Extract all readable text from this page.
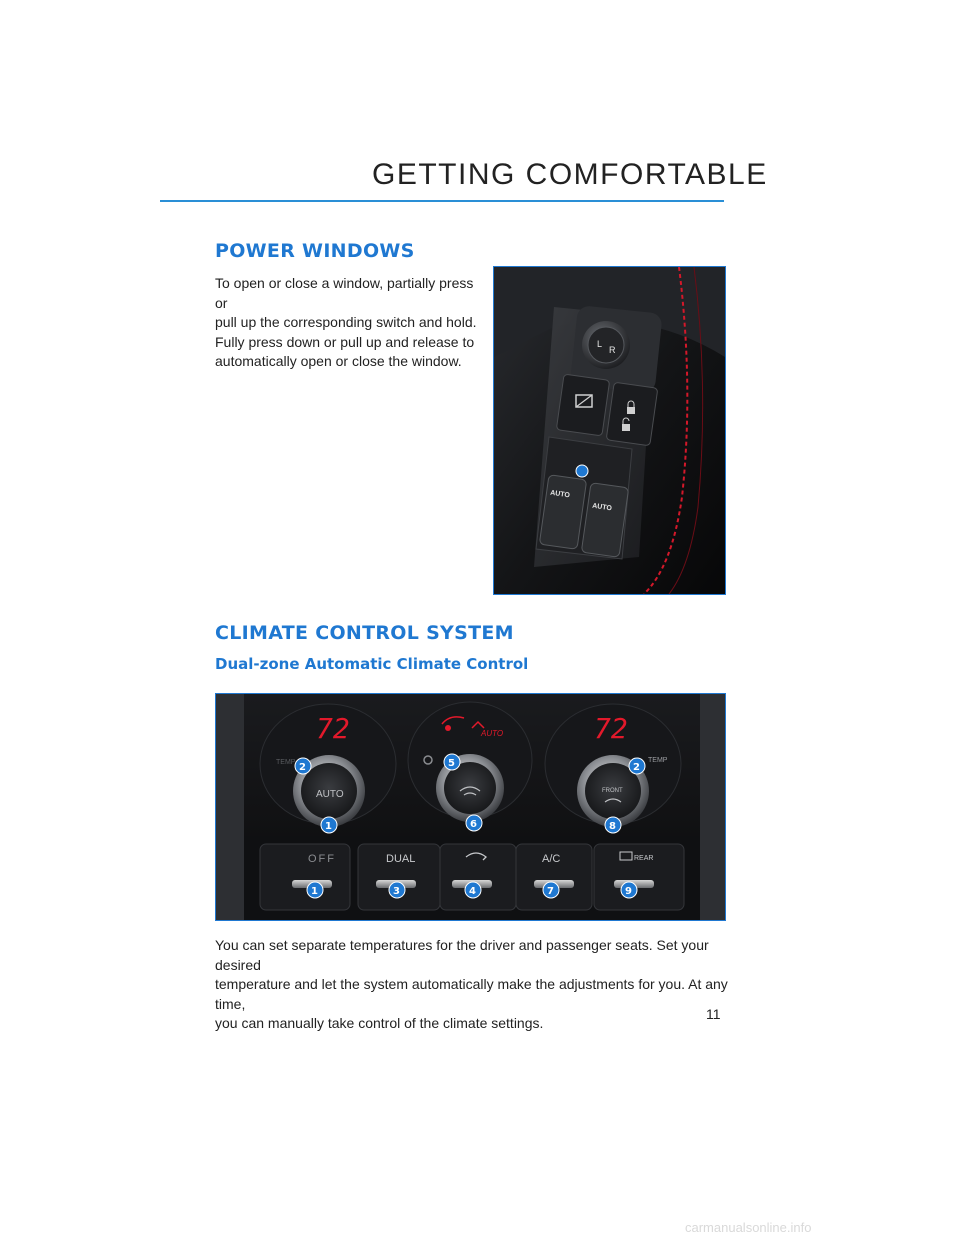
GETTING COMFORTABLE
POWER WINDOWS
To open or close a window, partially press or
pull up the corresponding switch and hold.
Fully press down or pull up and release to
automatically open or close the window.
L
R
AUTO
AUTO
CLIMATE CONTROL SYSTEM
Dual-zone Automatic Climate Control
72	72
AUTO
TEMP	TEMP
AUTO	FRONT
OFF	DUAL	A/C	REAR
2	5	2
1	6	8
1	3	4	7	9
You can set separate temperatures for the driver and passenger seats. Set your desired
temperature and let the system automatically make the adjustments for you. At any time,
you can manually take control of the climate settings.
11
carmanualsonline.info
